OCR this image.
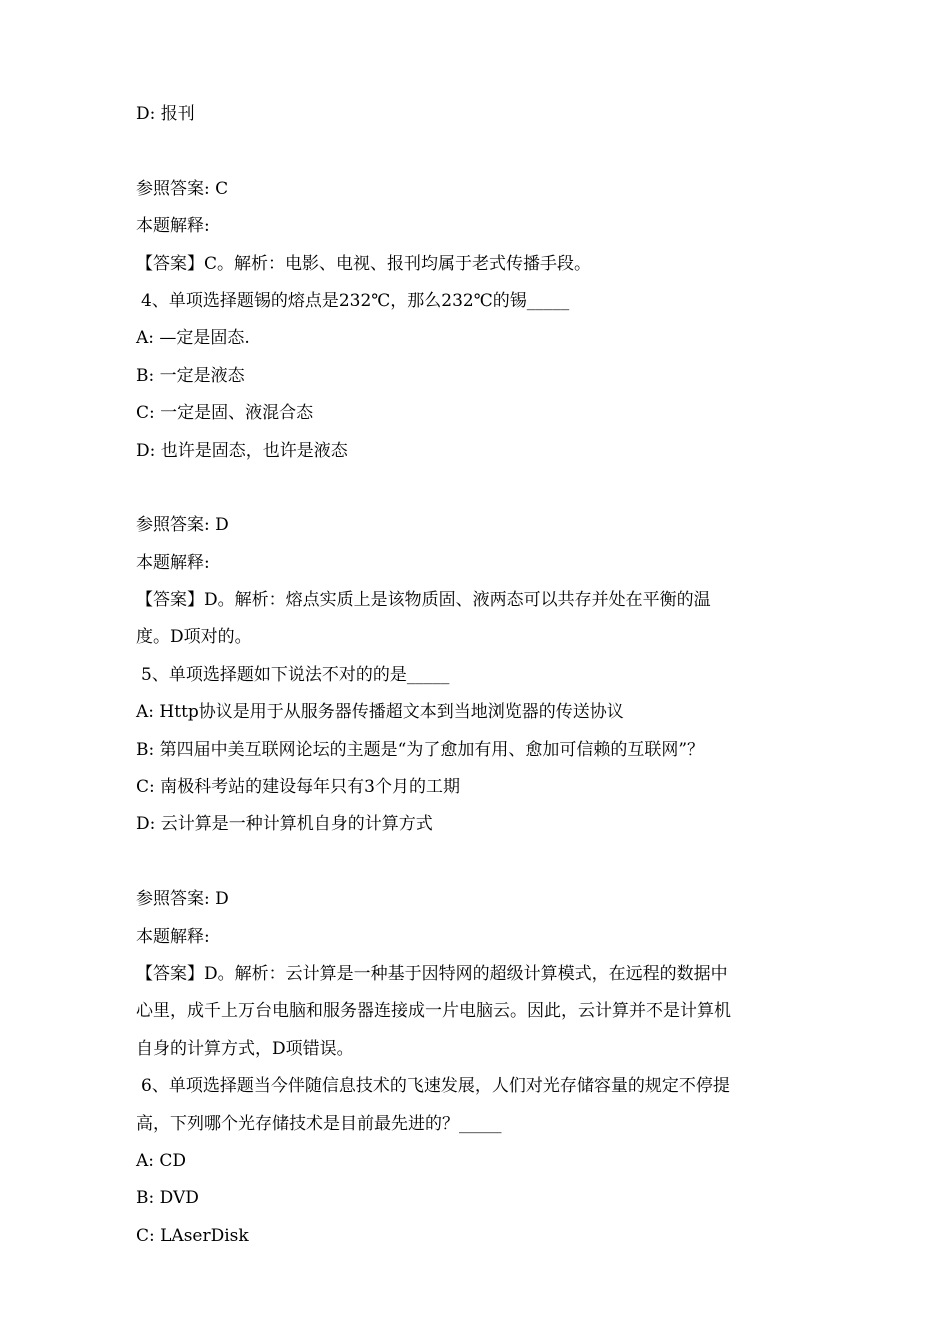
D: 报刊
参照答案: C
本题解释:
【答案】C。解析：电影、电视、报刊均属于老式传播手段。
4、单项选择题锡的熔点是232℃，那么232℃的锡_____
A: —定是固态.
B: 一定是液态
C: 一定是固、液混合态
D: 也许是固态，也许是液态
参照答案: D
本题解释:
【答案】D。解析：熔点实质上是该物质固、液两态可以共存并处在平衡的温
度。D项对的。
5、单项选择题如下说法不对的的是_____
A: Http协议是用于从服务器传播超文本到当地浏览器的传送协议
B: 第四届中美互联网论坛的主题是“为了愈加有用、愈加可信赖的互联网”？
C: 南极科考站的建设每年只有3个月的工期
D: 云计算是一种计算机自身的计算方式
参照答案: D
本题解释:
【答案】D。解析：云计算是一种基于因特网的超级计算模式，在远程的数据中
心里，成千上万台电脑和服务器连接成一片电脑云。因此，云计算并不是计算机
自身的计算方式，D项错误。
6、单项选择题当今伴随信息技术的飞速发展，人们对光存储容量的规定不停提
高，下列哪个光存储技术是目前最先进的？_____
A: CD
B: DVD
C: LAserDisk
